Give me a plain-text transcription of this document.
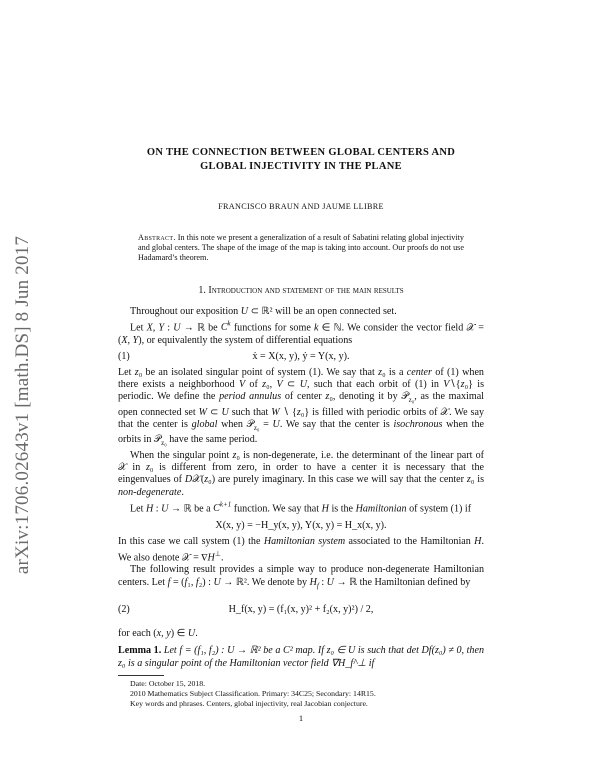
arXiv:1706.02643v1 [math.DS] 8 Jun 2017
ON THE CONNECTION BETWEEN GLOBAL CENTERS AND
GLOBAL INJECTIVITY IN THE PLANE
FRANCISCO BRAUN AND JAUME LLIBRE
Abstract. In this note we present a generalization of a result of Sabatini relating global injectivity and global centers. The shape of the image of the map is taking into account. Our proofs do not use Hadamard’s theorem.
1. Introduction and statement of the main results

Throughout our exposition U ⊂ ℝ² will be an open connected set.

Let X, Y : U → ℝ be $C^k$ functions for some k ∈ ℕ. We consider the vector field 𝒳 = (X, Y), or equivalently the system of differential equations

(1)	ẋ = X(x, y), ẏ = Y(x, y).

Let z₀ be an isolated singular point of system (1). We say that z₀ is a center of (1) when there exists a neighborhood V of z₀, V ⊂ U, such that each orbit of (1) in V∖{z₀} is periodic. We define the period annulus of center z₀, denoting it by 𝒫$_{z_0}$, as the maximal open connected set W ⊂ U such that W ∖ {z₀} is filled with periodic orbits of 𝒳. We say that the center is global when 𝒫$_{z_0}$ = U. We say that the center is isochronous when the orbits in 𝒫$_{z_0}$ have the same period.

When the singular point z₀ is non-degenerate, i.e. the determinant of the linear part of 𝒳 in z₀ is different from zero, in order to have a center it is necessary that the eingenvalues of D𝒳(z₀) are purely imaginary. In this case we will say that the center z₀ is non-degenerate.

Let H : U → ℝ be a $C^{k+1}$ function. We say that H is the Hamiltonian of system (1) if

X(x, y) = −H_y(x, y), Y(x, y) = H_x(x, y).

In this case we call system (1) the Hamiltonian system associated to the Hamiltonian H. We also denote 𝒳 = ∇H⊥.

The following result provides a simple way to produce non-degenerate Hamiltonian centers. Let f = (f₁, f₂) : U → ℝ². We denote by $H_f$ : U → ℝ the Hamiltonian defined by

(2)	H_f(x, y) = (f₁(x, y)² + f₂(x, y)²) / 2,

for each (x, y) ∈ U.

Lemma 1. Let f = (f₁, f₂) : U → ℝ² be a C² map. If z₀ ∈ U is such that det Df(z₀) ≠ 0, then z₀ is a singular point of the Hamiltonian vector field ∇H_f^⊥ if

Date: October 15, 2018.
2010 Mathematics Subject Classification. Primary: 34C25; Secondary: 14R15.
Key words and phrases. Centers, global injectivity, real Jacobian conjecture.
1
